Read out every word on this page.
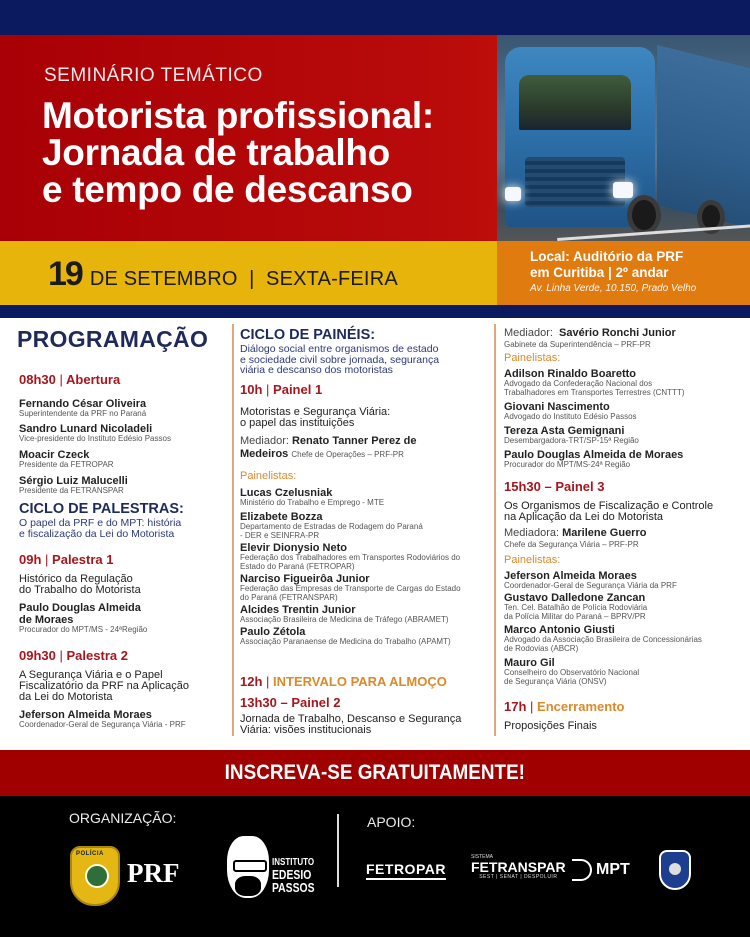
SEMINÁRIO TEMÁTICO
Motorista profissional:
Jornada de trabalho
e tempo de descanso
19 DE SETEMBRO  |  SEXTA-FEIRA
Local: Auditório da PRF
em Curitiba | 2º andar
Av. Linha Verde, 10.150, Prado Velho
PROGRAMAÇÃO
08h30 | Abertura
Fernando César Oliveira
Superintendente da PRF no Paraná
Sandro Lunard Nicoladeli
Vice-presidente do Instituto Edésio Passos
Moacir Czeck
Presidente da FETROPAR
Sérgio Luiz Malucelli
Presidente da FETRANSPAR
CICLO DE PALESTRAS:
O papel da PRF e do MPT: história
e fiscalização da Lei do Motorista
09h | Palestra 1
Histórico da Regulação
do Trabalho do Motorista
Paulo Douglas Almeida
de Moraes
Procurador do MPT/MS - 24ªRegião
09h30 | Palestra 2
A Segurança Viária e o Papel
Fiscalizatório da PRF na Aplicação
da Lei do Motorista
Jeferson Almeida Moraes
Coordenador-Geral de Segurança Viária - PRF
CICLO DE PAINÉIS:
Diálogo social entre organismos de estado
e sociedade civil sobre jornada, segurança
viária e descanso dos motoristas
10h | Painel 1
Motoristas e Segurança Viária:
o papel das instituições
Mediador: Renato Tanner Perez de
Medeiros Chefe de Operações – PRF-PR
Painelistas:
Lucas Czelusniak
Ministério do Trabalho e Emprego - MTE
Elizabete Bozza
Departamento de Estradas de Rodagem do Paraná
- DER e SEINFRA-PR
Elevir Dionysio Neto
Federação dos Trabalhadores em Transportes Rodoviários do
Estado do Paraná (FETROPAR)
Narciso Figueirôa Junior
Federação das Empresas de Transporte de Cargas do Estado
do Paraná (FETRANSPAR)
Alcides Trentin Junior
Associação Brasileira de Medicina de Tráfego (ABRAMET)
Paulo Zétola
Associação Paranaense de Medicina do Trabalho (APAMT)
12h | INTERVALO PARA ALMOÇO
13h30 – Painel 2
Jornada de Trabalho, Descanso e Segurança
Viária: visões institucionais
Mediador: Savério Ronchi Junior
Gabinete da Superintendência – PRF-PR
Painelistas:
Adilson Rinaldo Boaretto
Advogado da Confederação Nacional dos
Trabalhadores em Transportes Terrestres (CNTTT)
Giovani Nascimento
Advogado do Instituto Edésio Passos
Tereza Asta Gemignani
Desembargadora-TRT/SP-15ª Região
Paulo Douglas Almeida de Moraes
Procurador do MPT/MS-24ª Região
15h30 – Painel 3
Os Organismos de Fiscalização e Controle
na Aplicação da Lei do Motorista
Mediadora: Marilene Guerro
Chefe da Segurança Viária – PRF-PR
Painelistas:
Jeferson Almeida Moraes
Coordenador-Geral de Segurança Viária da PRF
Gustavo Dalledone Zancan
Ten. Cel. Batalhão de Polícia Rodoviária
da Polícia Militar do Paraná – BPRV/PR
Marco Antonio Giusti
Advogado da Associação Brasileira de Concessionárias
de Rodovias (ABCR)
Mauro Gil
Conselheiro do Observatório Nacional
de Segurança Viária (ONSV)
17h | Encerramento
Proposições Finais
INSCREVA-SE GRATUITAMENTE!
ORGANIZAÇÃO:
POLÍCIA
PRF	INSTITUTO
EDESIO
PASSOS
APOIO:
FETROPAR
SISTEMA
FETRANSPAR
SEST | SENAT | DESPOLUIR	MPT
